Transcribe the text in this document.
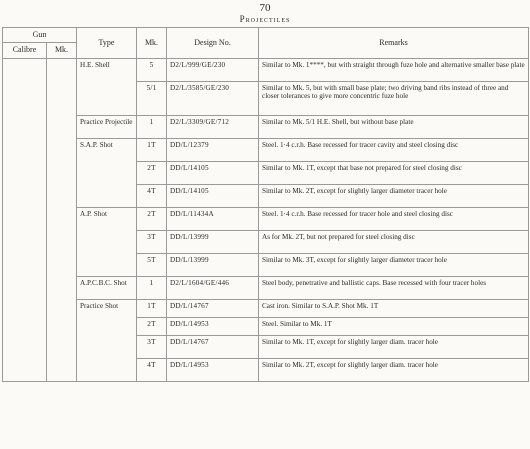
70
Projectiles
Gun		Type	Mk.	Design No.	Remarks
Calibre	Mk.				
		H.E. Shell	5	D2/L/999/GE/230	Similar to Mk. 1****, but with straight through fuze hole and alternative smaller base plate
			5/1	D2/L/3585/GE/230	Similar to Mk. 5, but with small base plate; two driving band ribs instead of three and closer tolerances to give more concentric fuze hole
		Practice Projectile	1	D2/L/3309/GE/712	Similar to Mk. 5/1 H.E. Shell, but without base plate
		S.A.P. Shot	1T	DD/L/12379	Steel. 1·4 c.r.h. Base recessed for tracer cavity and steel closing disc
			2T	DD/L/14105	Similar to Mk. 1T, except that base not prepared for steel closing disc
			4T	DD/L/14105	Similar to Mk. 2T, except for slightly larger diameter tracer hole
		A.P. Shot	2T	DD/L/11434A	Steel. 1·4 c.r.h. Base recessed for tracer hole and steel closing disc
			3T	DD/L/13999	As for Mk. 2T, but not prepared for steel closing disc
			5T	DD/L/13999	Similar to Mk. 3T, except for slightly larger diameter tracer hole
		A.P.C.B.C. Shot	1	D2/L/1604/GE/446	Steel body, penetrative and ballistic caps. Base recessed with four tracer holes
		Practice Shot	1T	DD/L/14767	Cast iron. Similar to S.A.P. Shot Mk. 1T
			2T	DD/L/14953	Steel. Similar to Mk. 1T
			3T	DD/L/14767	Similar to Mk. 1T, except for slightly larger diam. tracer hole
			4T	DD/L/14953	Similar to Mk. 2T, except for slightly larger diam. tracer hole
